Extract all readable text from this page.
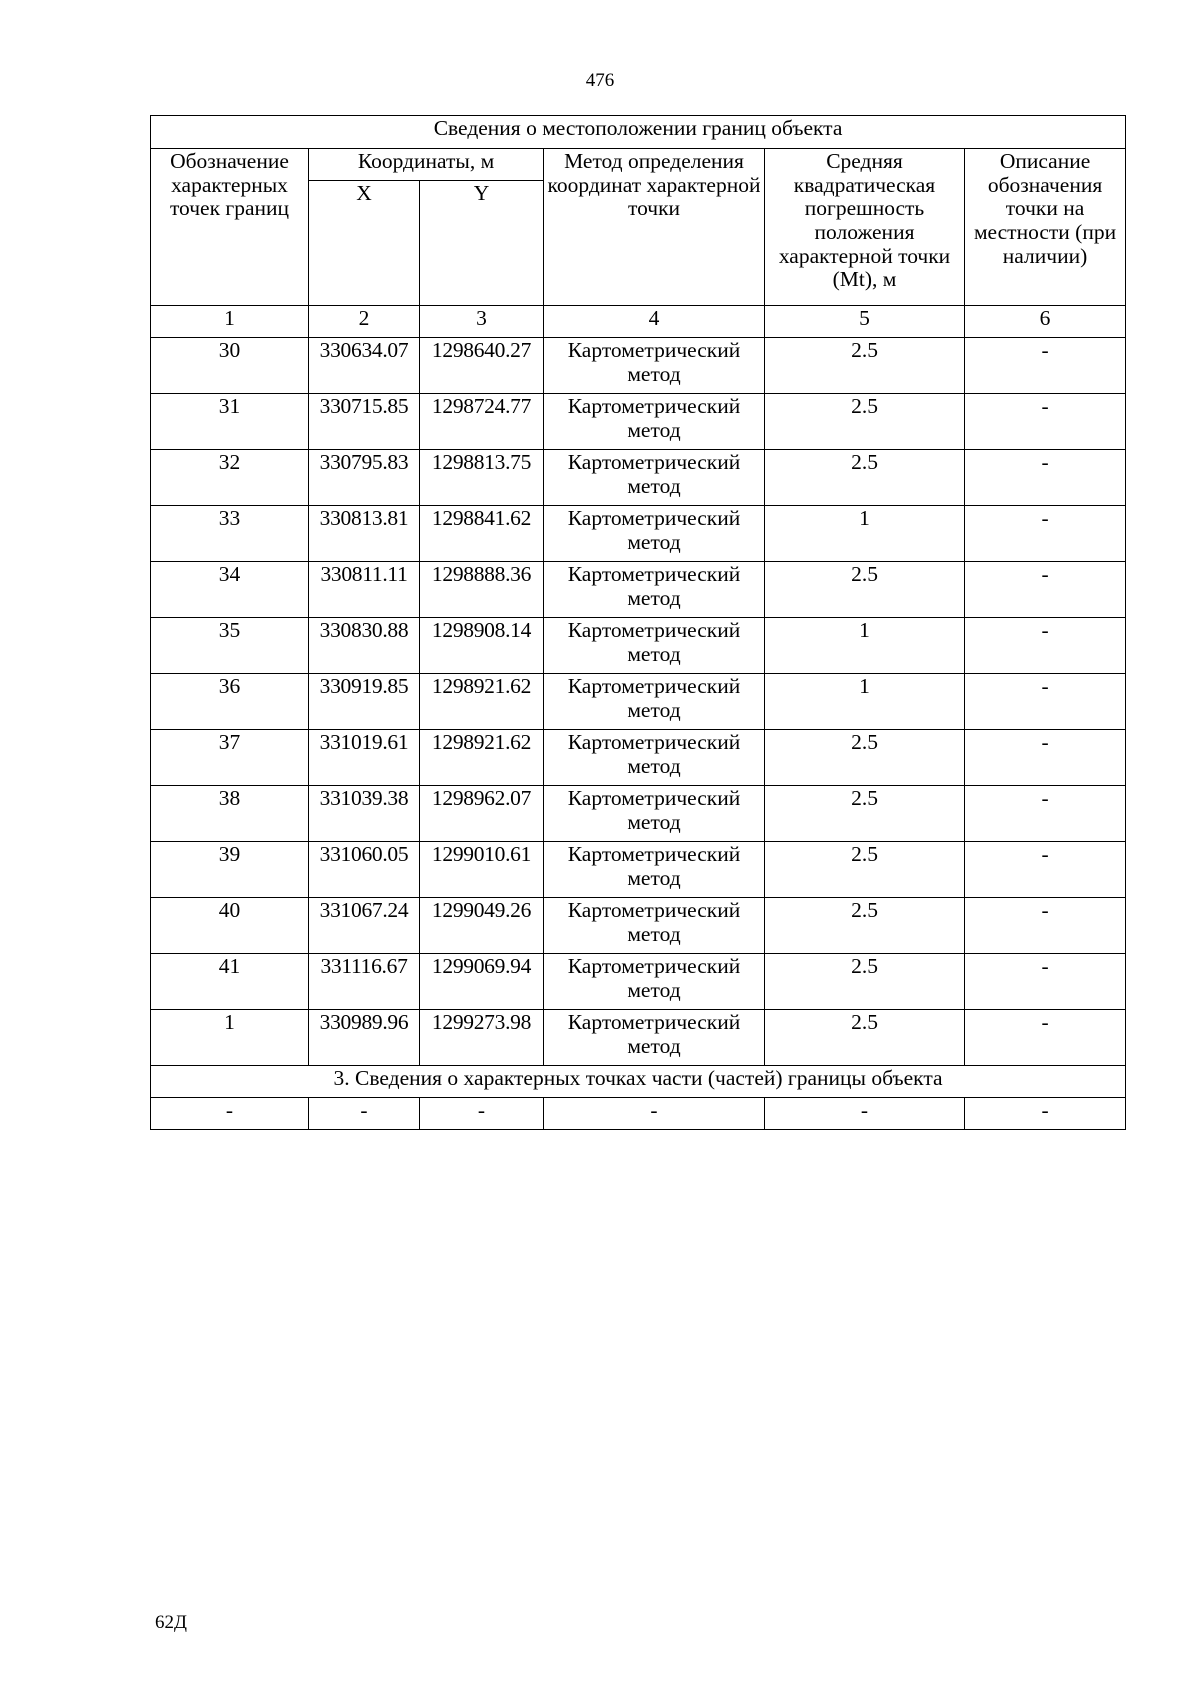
476
Сведения о местоположении границ объекта					
Обозначение характерных точек границ	Координаты, м		Метод определения координат характерной точки	Средняя квадратическая погрешность положения характерной точки (Mt), м	Описание обозначения точки на местности (при наличии)
	X	Y			
1	2	3	4	5	6
30	330634.07	1298640.27	Картометрический метод	2.5	-
31	330715.85	1298724.77	Картометрический метод	2.5	-
32	330795.83	1298813.75	Картометрический метод	2.5	-
33	330813.81	1298841.62	Картометрический метод	1	-
34	330811.11	1298888.36	Картометрический метод	2.5	-
35	330830.88	1298908.14	Картометрический метод	1	-
36	330919.85	1298921.62	Картометрический метод	1	-
37	331019.61	1298921.62	Картометрический метод	2.5	-
38	331039.38	1298962.07	Картометрический метод	2.5	-
39	331060.05	1299010.61	Картометрический метод	2.5	-
40	331067.24	1299049.26	Картометрический метод	2.5	-
41	331116.67	1299069.94	Картометрический метод	2.5	-
1	330989.96	1299273.98	Картометрический метод	2.5	-
3. Сведения о характерных точках части (частей) границы объекта					
-	-	-	-	-	-
62Д
